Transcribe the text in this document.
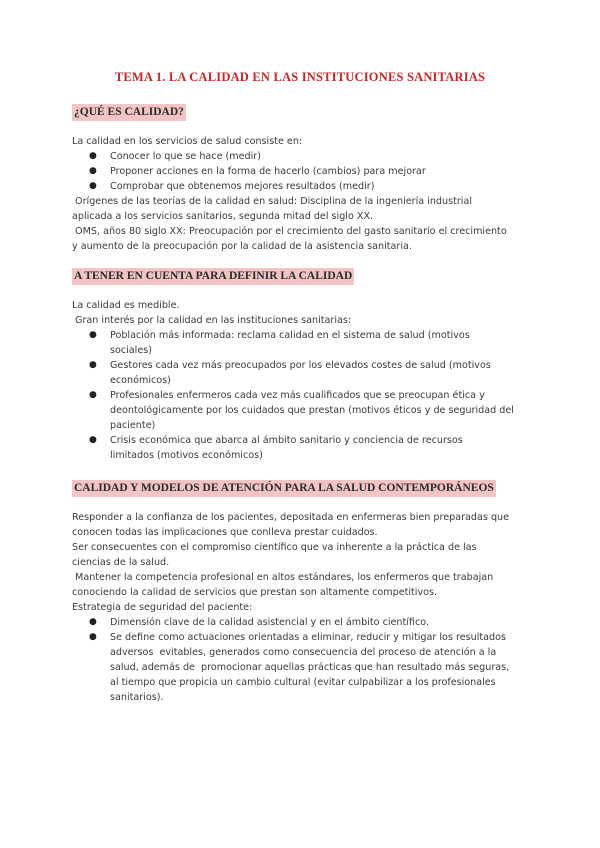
TEMA 1. LA CALIDAD EN LAS INSTITUCIONES SANITARIAS
¿QUÉ ES CALIDAD?
La calidad en los servicios de salud consiste en:
● Conocer lo que se hace (medir)
● Proponer acciones en la forma de hacerlo (cambios) para mejorar
● Comprobar que obtenemos mejores resultados (medir)
Orígenes de las teorías de la calidad en salud: Disciplina de la ingeniería industrial
aplicada a los servicios sanitarios, segunda mitad del siglo XX.
OMS, años 80 siglo XX: Preocupación por el crecimiento del gasto sanitario el crecimiento
y aumento de la preocupación por la calidad de la asistencia sanitaria.
A TENER EN CUENTA PARA DEFINIR LA CALIDAD
La calidad es medible.
Gran interés por la calidad en las instituciones sanitarias:
● Población más informada: reclama calidad en el sistema de salud (motivos
sociales)
● Gestores cada vez más preocupados por los elevados costes de salud (motivos
económicos)
● Profesionales enfermeros cada vez más cualificados que se preocupan ética y
deontológicamente por los cuidados que prestan (motivos éticos y de seguridad del
paciente)
● Crisis económica que abarca al ámbito sanitario y conciencia de recursos
limitados (motivos económicos)
CALIDAD Y MODELOS DE ATENCIÓN PARA LA SALUD CONTEMPORÁNEOS
Responder a la confianza de los pacientes, depositada en enfermeras bien preparadas que
conocen todas las implicaciones que conlleva prestar cuidados.
Ser consecuentes con el compromiso científico que va inherente a la práctica de las
ciencias de la salud.
Mantener la competencia profesional en altos estándares, los enfermeros que trabajan
conociendo la calidad de servicios que prestan son altamente competitivos.
Estrategia de seguridad del paciente:
● Dimensión clave de la calidad asistencial y en el ámbito científico.
● Se define como actuaciones orientadas a eliminar, reducir y mitigar los resultados
adversos  evitables, generados como consecuencia del proceso de atención a la
salud, además de  promocionar aquellas prácticas que han resultado más seguras,
al tiempo que propicia un cambio cultural (evitar culpabilizar a los profesionales
sanitarios).
